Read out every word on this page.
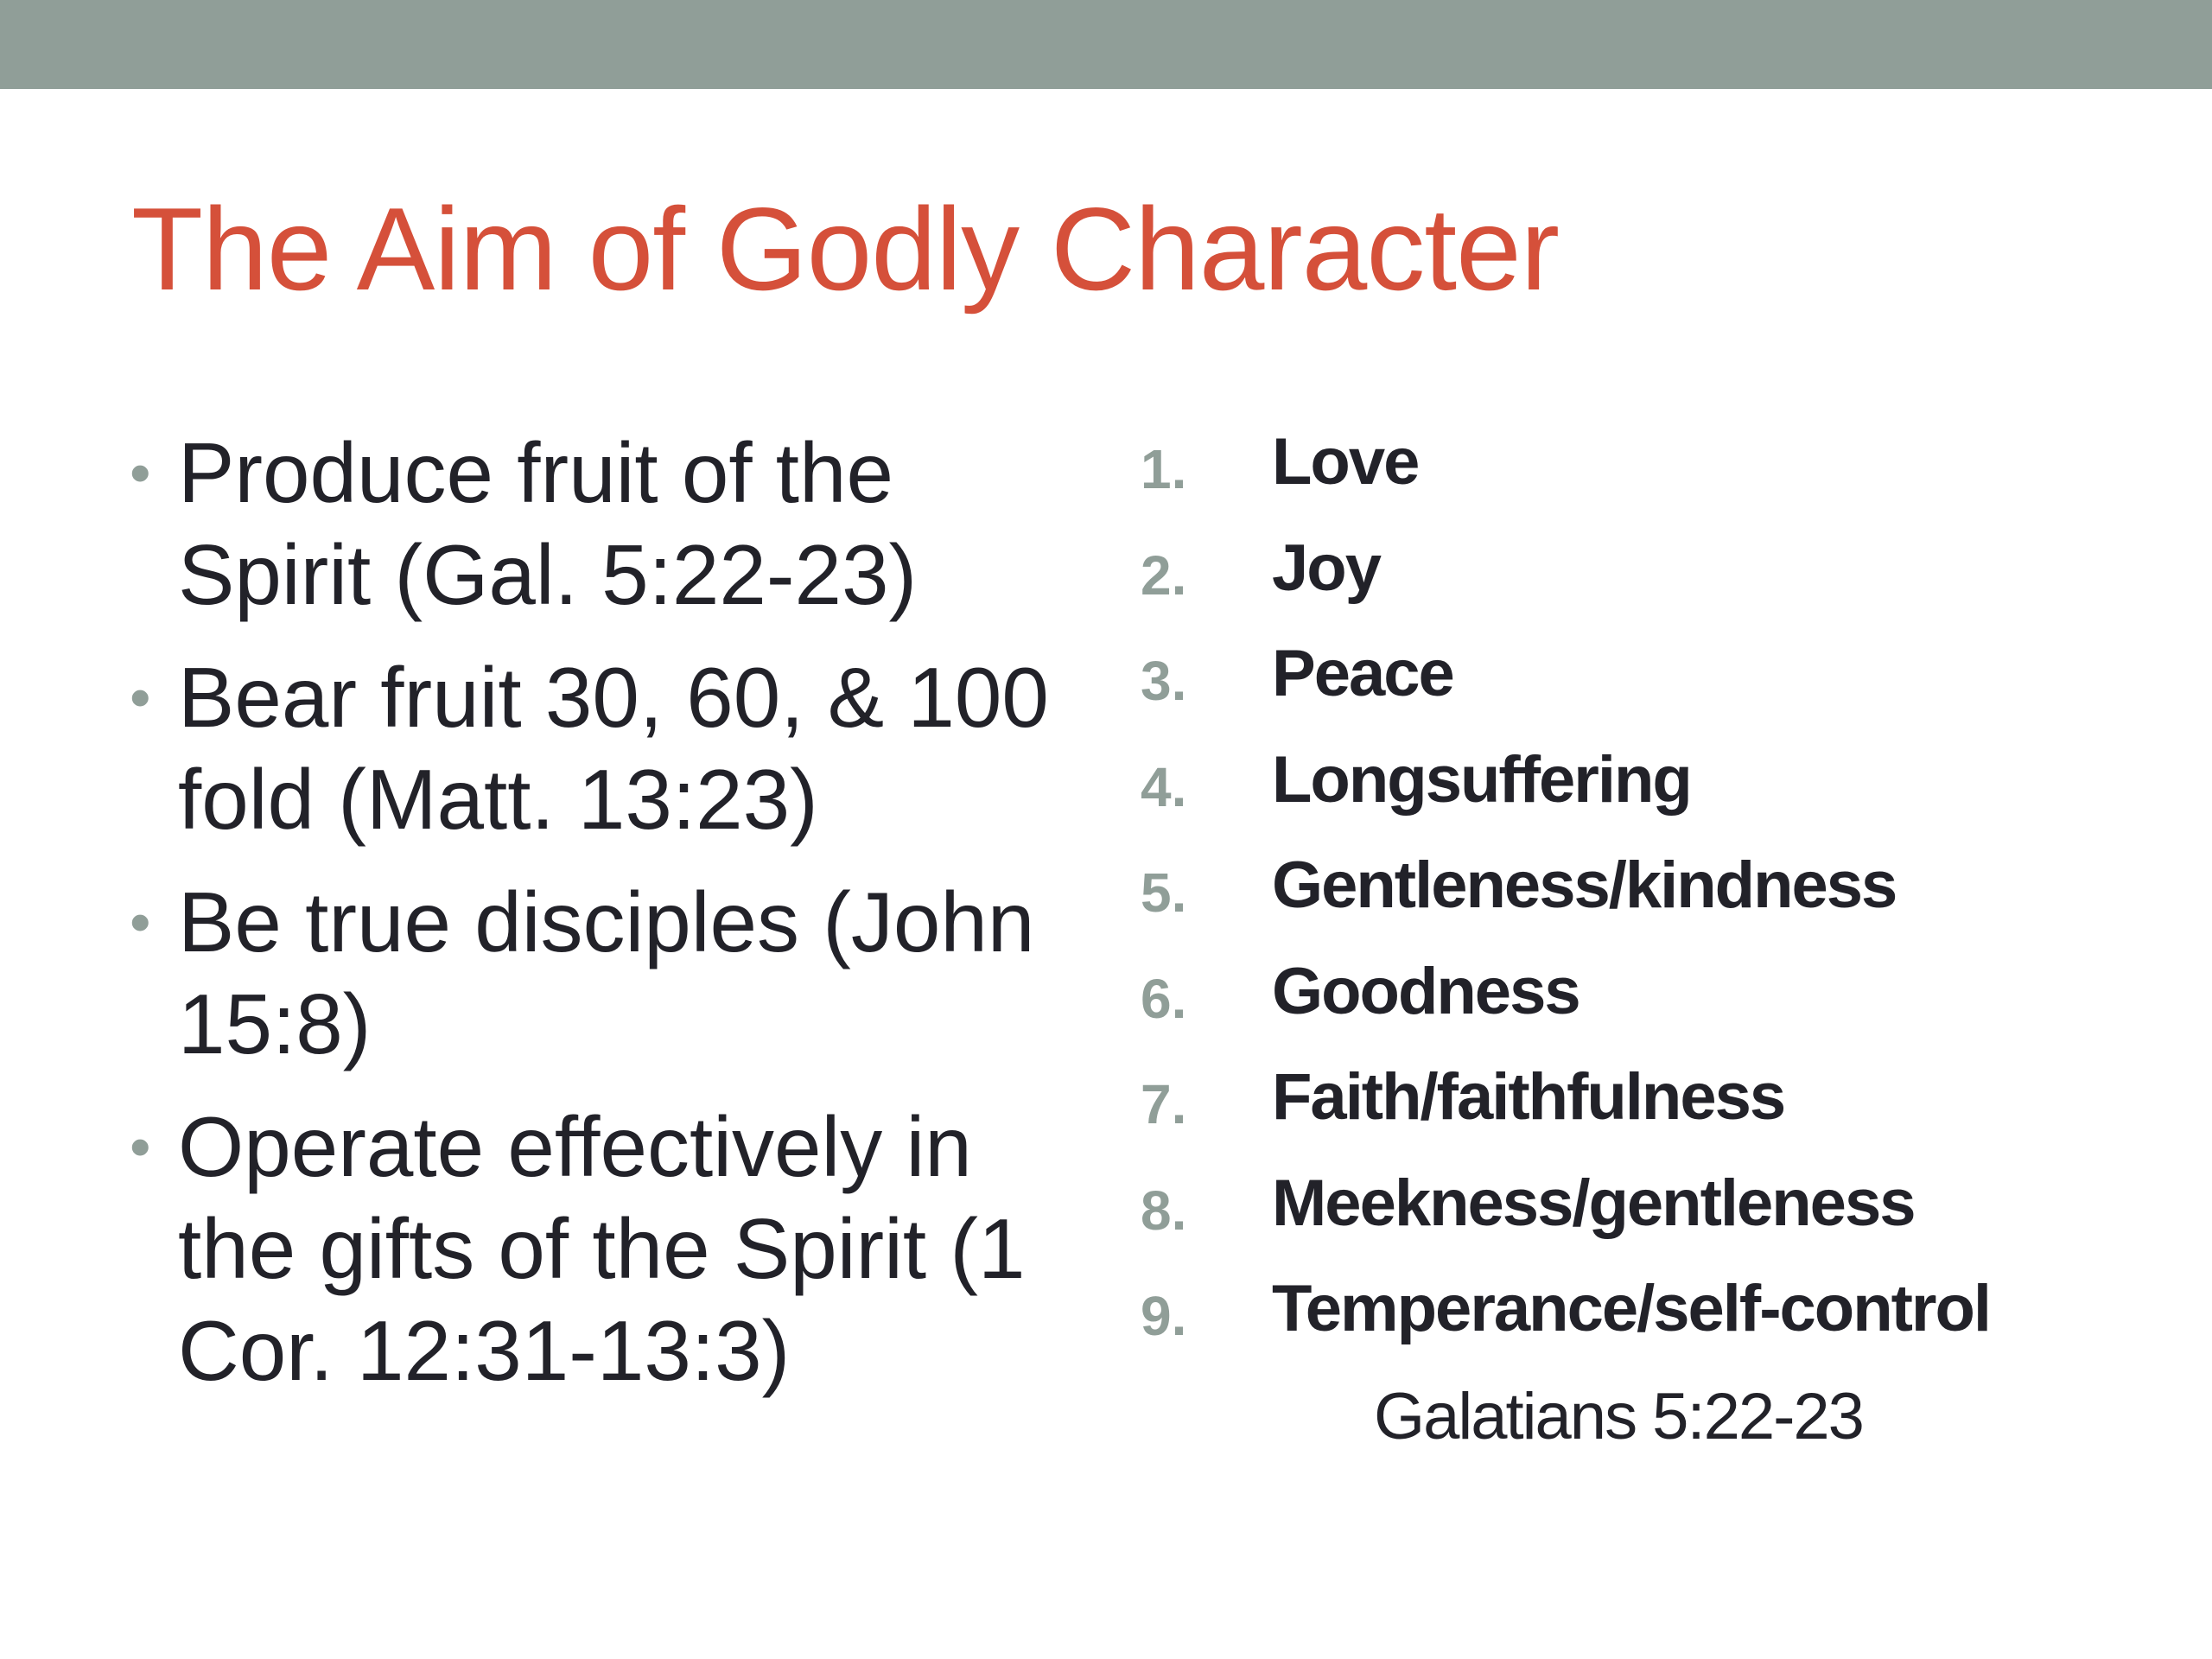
The Aim of Godly Character
• Produce fruit of the Spirit (Gal. 5:22-23)
• Bear fruit 30, 60, & 100 fold (Matt. 13:23)
• Be true disciples (John 15:8)
• Operate effectively in the gifts of the Spirit (1 Cor. 12:31-13:3)
1. Love
2. Joy
3. Peace
4. Longsuffering
5. Gentleness/kindness
6. Goodness
7. Faith/faithfulness
8. Meekness/gentleness
9. Temperance/self-control
Galatians 5:22-23
